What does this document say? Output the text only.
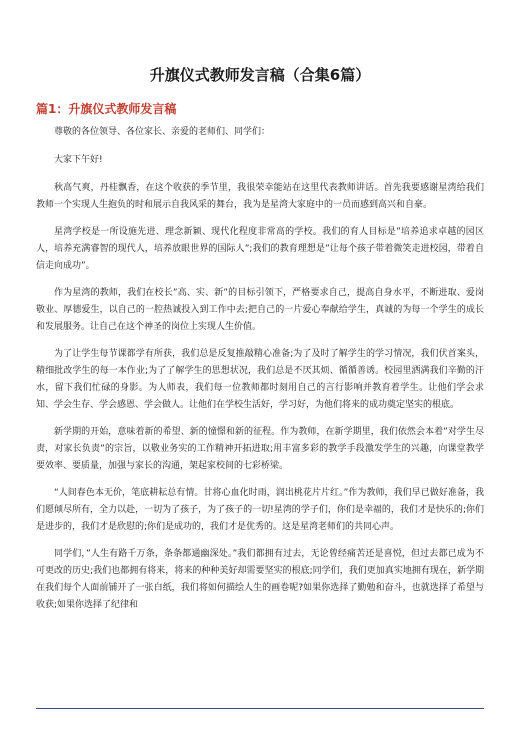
升旗仪式教师发言稿（合集6篇）
篇1：升旗仪式教师发言稿

尊敬的各位领导、各位家长、亲爱的老师们、同学们：

大家下午好!

秋高气爽，丹桂飘香，在这个收获的季节里，我很荣幸能站在这里代表教师讲话。首先我要感谢星湾给我们教师一个实现人生抱负的时和展示自我风采的舞台，我为是星湾大家庭中的一员而感到高兴和自豪。

星湾学校是一所设施先进、理念新颖、现代化程度非常高的学校。我们的育人目标是”培养追求卓越的园区人，培养充满睿智的现代人，培养放眼世界的国际人”;我们的教育理想是”让每个孩子带着微笑走进校园，带着自信走向成功”。

作为星湾的教师，我们在校长”高、实、新”的目标引领下，严格要求自己，提高自身水平，不断进取、爱岗敬业、厚德爱生，以自己的一腔热诚投入到工作中去;把自己的一片爱心奉献给学生，真诚的为每一个学生的成长和发展服务。让自己在这个神圣的岗位上实现人生价值。

为了让学生每节课都学有所获，我们总是反复推敲精心准备;为了及时了解学生的学习情况，我们伏首案头，精细批改学生的每一本作业;为了了解学生的思想状况，我们总是不厌其烦、循循善诱。校园里洒满我们辛勤的汗水，留下我们忙碌的身影。为人师表，我们每一位教师都时刻用自己的言行影响并教育着学生。让他们学会求知、学会生存、学会感恩、学会做人。让他们在学校生活好，学习好，为他们将来的成功奠定坚实的根底。

新学期的开始，意味着新的希望、新的憧憬和新的征程。作为教师，在新学期里，我们依然会本着”对学生尽责，对家长负责”的宗旨，以敬业务实的工作精神开拓进取;用丰富多彩的教学手段激发学生的兴趣，向课堂教学要效率、要质量，加强与家长的沟通，架起家校间的七彩桥梁。

“人间春色本无价，笔底耕耘总有情。甘将心血化时雨，润出桃花片片红。”作为教师，我们早已做好准备，我们愿倾尽所有，全力以赴，一切为了孩子，为了孩子的一切!星湾的学子们，你们是幸福的，我们才是快乐的;你们是进步的，我们才是欣慰的;你们是成功的，我们才是优秀的。这是星湾老师们的共同心声。

同学们，”人生有路千万条，条条都通幽深处。”我们都拥有过去，无论曾经痛苦还是喜悦，但过去都已成为不可更改的历史;我们也都拥有将来，将来的种种美好却需要坚实的根底;同学们，我们更加真实地拥有现在，新学期在我们每个人面前铺开了一张白纸，我们将如何描绘人生的画卷呢?如果你选择了勤勉和奋斗，也就选择了希望与收获;如果你选择了纪律和
